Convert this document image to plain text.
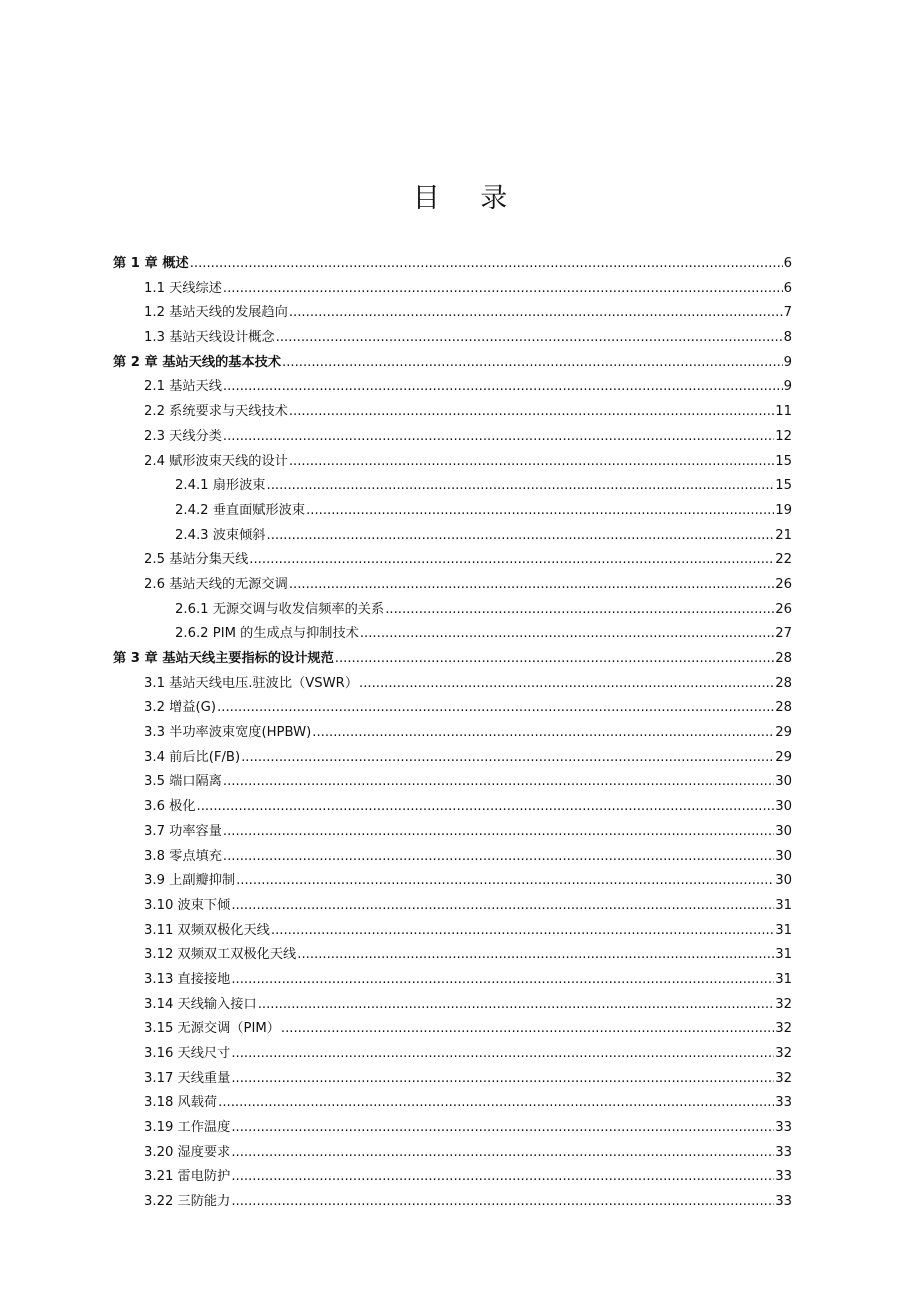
目 录
第 1 章 概述 .....	6
1.1 天线综述 .....	6
1.2 基站天线的发展趋向 .....	7
1.3 基站天线设计概念 .....	8
第 2 章 基站天线的基本技术 .....	9
2.1 基站天线 .....	9
2.2 系统要求与天线技术 .....	11
2.3 天线分类 .....	12
2.4 赋形波束天线的设计 .....	15
2.4.1 扇形波束 .....	15
2.4.2 垂直面赋形波束 .....	19
2.4.3 波束倾斜 .....	21
2.5 基站分集天线 .....	22
2.6 基站天线的无源交调 .....	26
2.6.1 无源交调与收发信频率的关系 .....	26
2.6.2 PIM 的生成点与抑制技术 .....	27
第 3 章 基站天线主要指标的设计规范 .....	28
3.1 基站天线电压.驻波比（VSWR） .....	28
3.2 增益(G) .....	28
3.3 半功率波束宽度(HPBW) .....	29
3.4 前后比(F/B) .....	29
3.5 端口隔离 .....	30
3.6 极化 .....	30
3.7 功率容量 .....	30
3.8 零点填充 .....	30
3.9 上副瓣抑制 .....	30
3.10 波束下倾 .....	31
3.11 双频双极化天线 .....	31
3.12 双频双工双极化天线 .....	31
3.13 直接接地 .....	31
3.14 天线输入接口 .....	32
3.15 无源交调（PIM） .....	32
3.16 天线尺寸 .....	32
3.17 天线重量 .....	32
3.18 风载荷 .....	33
3.19 工作温度 .....	33
3.20 湿度要求 .....	33
3.21 雷电防护 .....	33
3.22 三防能力 .....	33
